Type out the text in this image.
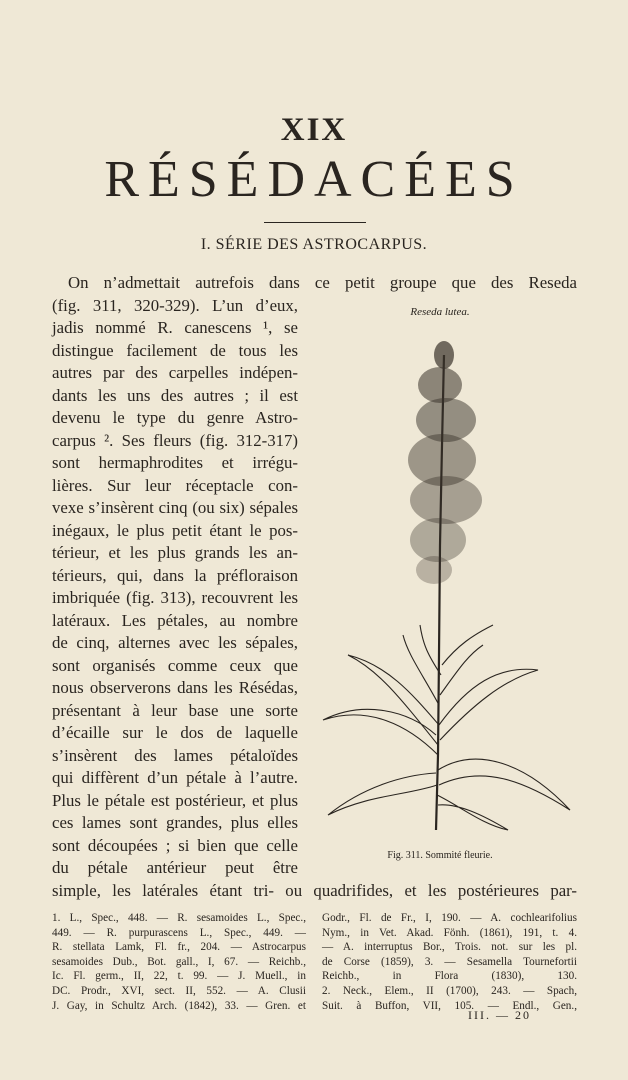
XIX
RÉSÉDACÉES
I. SÉRIE DES ASTROCARPUS.
On n’admettait autrefois dans ce petit groupe que des Reseda
(fig. 311, 320-329). L’un d’eux,
jadis nommé R. canescens ¹, se
distingue facilement de tous les
autres par des carpelles indépen-
dants les uns des autres ; il est
devenu le type du genre Astro-
carpus ². Ses fleurs (fig. 312-317)
sont hermaphrodites et irrégu-
lières. Sur leur réceptacle con-
vexe s’insèrent cinq (ou six) sépales
inégaux, le plus petit étant le pos-
térieur, et les plus grands les an-
térieurs, qui, dans la préfloraison
imbriquée (fig. 313), recouvrent les
latéraux. Les pétales, au nombre
de cinq, alternes avec les sépales,
sont organisés comme ceux que
nous observerons dans les Résédas,
présentant à leur base une sorte
d’écaille sur le dos de laquelle
s’insèrent des lames pétaloïdes
qui diffèrent d’un pétale à l’autre.
Plus le pétale est postérieur, et plus
ces lames sont grandes, plus elles
sont découpées ; si bien que celle
du pétale antérieur peut être
simple, les latérales étant tri- ou quadrifides, et les postérieures par-
Reseda lutea.
Fig. 311. Sommité fleurie.
1. L., Spec., 448. — R. sesamoides L., Spec.,
449. — R. purpurascens L., Spec., 449. —
R. stellata Lamk, Fl. fr., 204. — Astrocarpus
sesamoides Dub., Bot. gall., I, 67. — Reichb.,
Ic. Fl. germ., II, 22, t. 99. — J. Muell., in
DC. Prodr., XVI, sect. II, 552. — A. Clusii
J. Gay, in Schultz Arch. (1842), 33. — Gren. et
Godr., Fl. de Fr., I, 190. — A. cochlearifolius
Nym., in Vet. Akad. Fönh. (1861), 191, t. 4.
— A. interruptus Bor., Trois. not. sur les pl.
de Corse (1859), 3. — Sesamella Tournefortii
Reichb., in Flora (1830), 130.
2. Neck., Elem., II (1700), 243. — Spach,
Suit. à Buffon, VII, 105. — Endl., Gen.,
III. — 20
